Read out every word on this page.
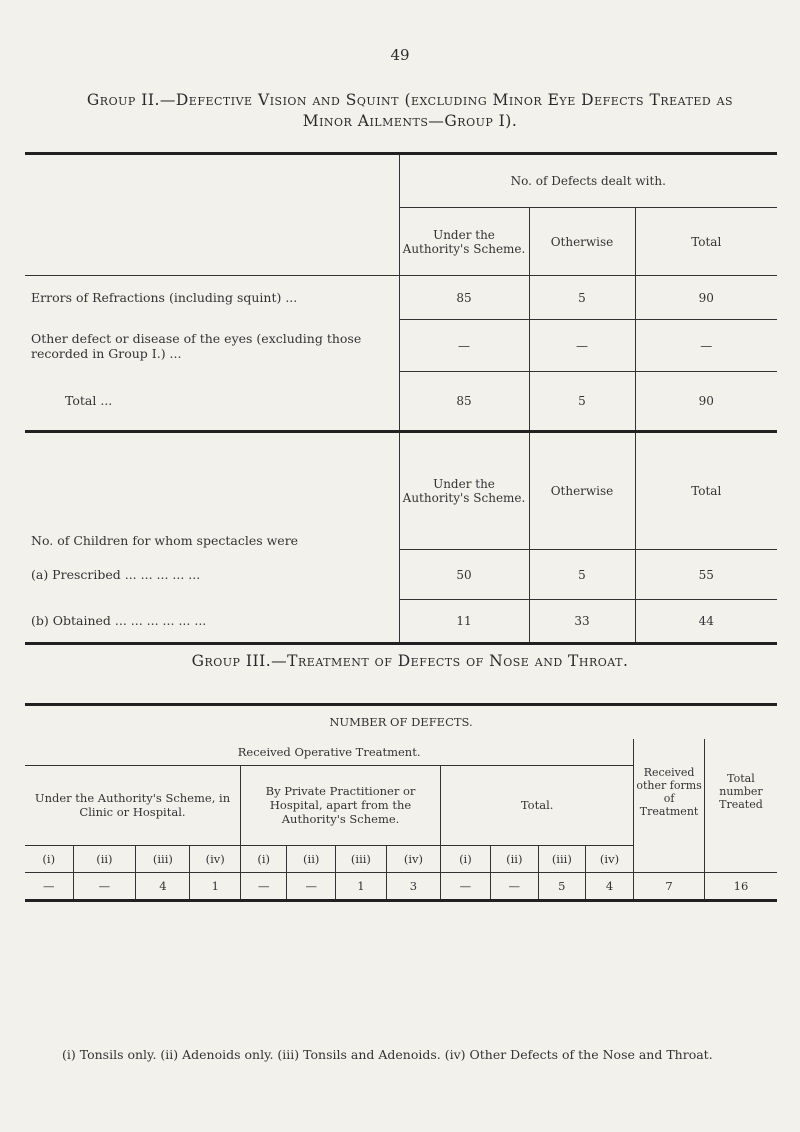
49
Group II.—Defective Vision and Squint (excluding Minor Eye Defects Treated as Minor Ailments—Group I).
	No. of Defects dealt with.		
	Under the Authority's Scheme.	Otherwise	Total
Errors of Refractions (including squint) ...	85	5	90
Other defect or disease of the eyes (excluding those recorded in Group I.) ...	—	—	—
Total ...	85	5	90
No. of Children for whom spectacles were	Under the Authority's Scheme.	Otherwise	Total
(a) Prescribed ... ... ... ... ...	50	5	55
(b) Obtained ... ... ... ... ... ...	11	33	44
Group III.—Treatment of Defects of Nose and Throat.
NUMBER OF DEFECTS.													
Received Operative Treatment.												Received other forms of Treatment	Total number Treated
Under the Authority's Scheme, in Clinic or Hospital.				By Private Practitioner or Hospital, apart from the Authority's Scheme.				Total.					
(i)	(ii)	(iii)	(iv)	(i)	(ii)	(iii)	(iv)	(i)	(ii)	(iii)	(iv)		
—	—	4	1	—	—	1	3	—	—	5	4	7	16
(i) Tonsils only. (ii) Adenoids only. (iii) Tonsils and Adenoids. (iv) Other Defects of the Nose and Throat.
